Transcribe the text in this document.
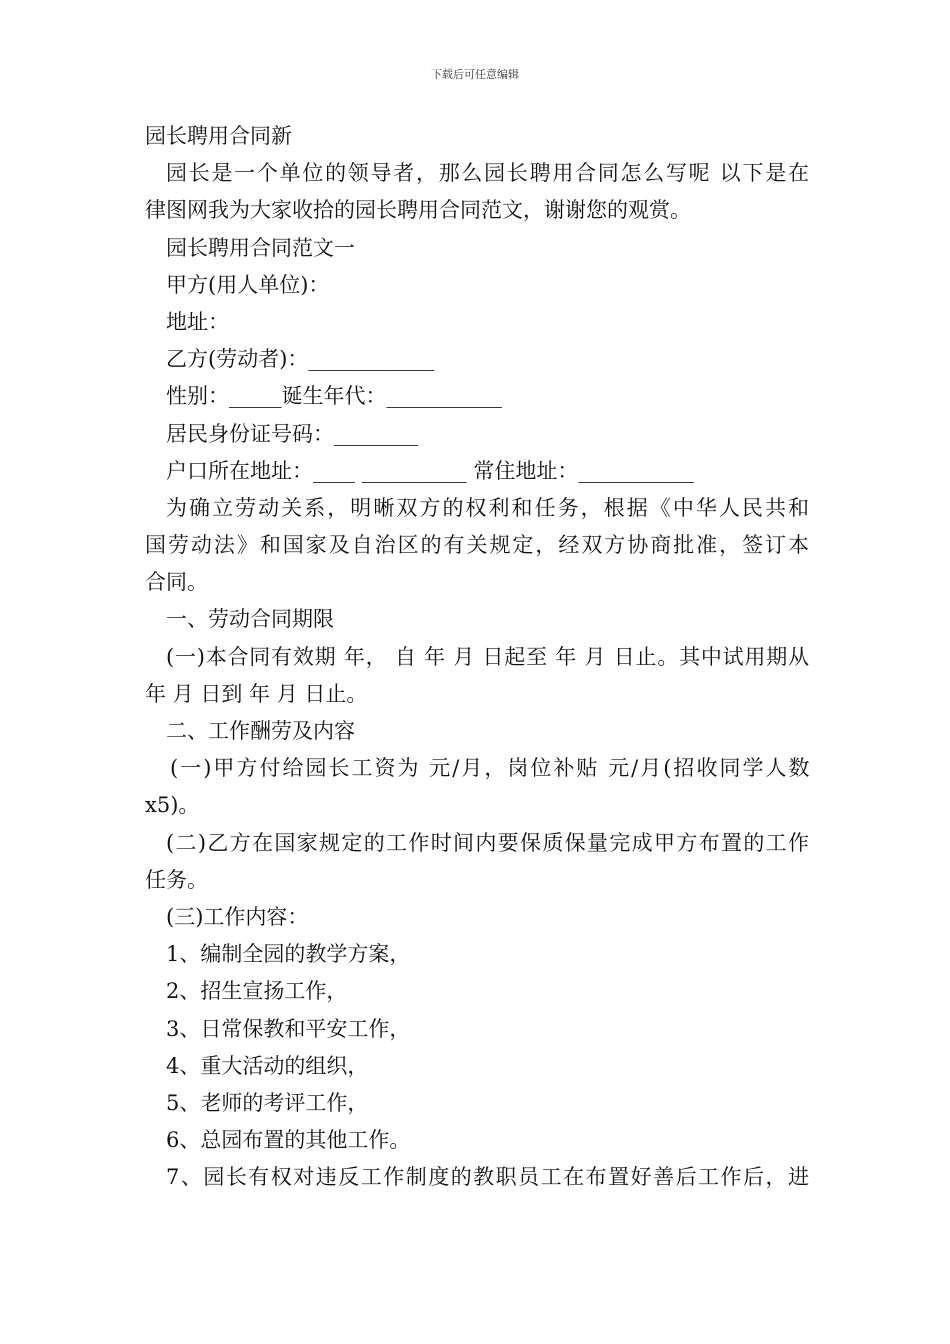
下载后可任意编辑
园长聘用合同新
园长是一个单位的领导者，那么园长聘用合同怎么写呢 以下是在
律图网我为大家收拾的园长聘用合同范文，谢谢您的观赏。
园长聘用合同范文一
甲方(用人单位)：
地址：
乙方(劳动者)：____________
性别：_____诞生年代：___________
居民身份证号码：________
户口所在地址：____ __________ 常住地址：___________
为确立劳动关系，明晰双方的权利和任务，根据《中华人民共和
国劳动法》和国家及自治区的有关规定，经双方协商批准，签订本
合同。
一、劳动合同期限
(一)本合同有效期 年， 自 年 月 日起至 年 月 日止。其中试用期从
年 月 日到 年 月 日止。
二、工作酬劳及内容
(一)甲方付给园长工资为 元/月，岗位补贴 元/月(招收同学人数
x5)。
(二)乙方在国家规定的工作时间内要保质保量完成甲方布置的工作
任务。
(三)工作内容：
1、编制全园的教学方案，
2、招生宣扬工作，
3、日常保教和平安工作，
4、重大活动的组织，
5、老师的考评工作，
6、总园布置的其他工作。
7、园长有权对违反工作制度的教职员工在布置好善后工作后，进
